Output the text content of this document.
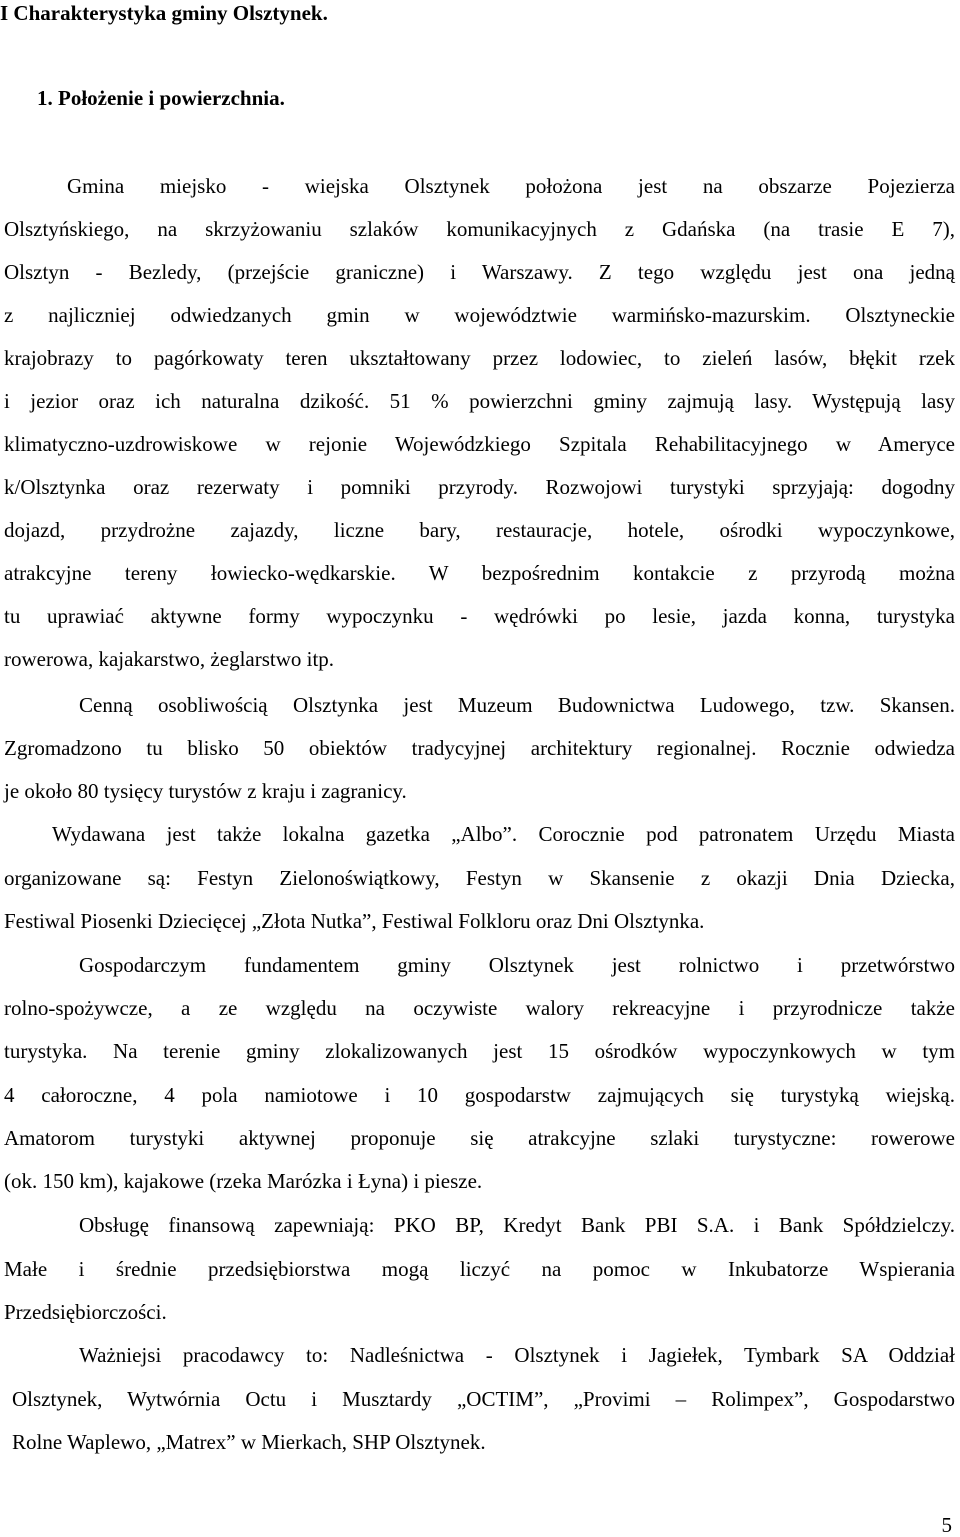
I Charakterystyka gminy Olsztynek.
1. Położenie i powierzchnia.
Gmina miejsko - wiejska Olsztynek położona jest na obszarze Pojezierza
Olsztyńskiego, na skrzyżowaniu szlaków komunikacyjnych z Gdańska (na trasie E 7),
Olsztyn - Bezledy, (przejście graniczne) i Warszawy. Z tego względu jest ona jedną
z najliczniej odwiedzanych gmin w województwie warmińsko-mazurskim. Olsztyneckie
krajobrazy to pagórkowaty teren ukształtowany przez lodowiec, to zieleń lasów, błękit rzek
i jezior oraz ich naturalna dzikość. 51 % powierzchni gminy zajmują lasy. Występują lasy
klimatyczno-uzdrowiskowe w rejonie Wojewódzkiego Szpitala Rehabilitacyjnego w Ameryce
k/Olsztynka oraz rezerwaty i pomniki przyrody. Rozwojowi turystyki sprzyjają: dogodny
dojazd, przydrożne zajazdy, liczne bary, restauracje, hotele, ośrodki wypoczynkowe,
atrakcyjne tereny łowiecko-wędkarskie. W bezpośrednim kontakcie z przyrodą można
tu uprawiać aktywne formy wypoczynku - wędrówki po lesie, jazda konna, turystyka
rowerowa, kajakarstwo, żeglarstwo itp.
Cenną osobliwością Olsztynka jest Muzeum Budownictwa Ludowego, tzw. Skansen.
Zgromadzono tu blisko 50 obiektów tradycyjnej architektury regionalnej. Rocznie odwiedza
je około 80 tysięcy turystów z kraju i zagranicy.
Wydawana jest także lokalna gazetka „Albo”. Corocznie pod patronatem Urzędu Miasta
organizowane są: Festyn Zielonoświątkowy, Festyn w Skansenie z okazji Dnia Dziecka,
Festiwal Piosenki Dziecięcej „Złota Nutka”, Festiwal Folkloru oraz Dni Olsztynka.
Gospodarczym fundamentem gminy Olsztynek jest rolnictwo i przetwórstwo
rolno-spożywcze, a ze względu na oczywiste walory rekreacyjne i przyrodnicze także
turystyka. Na terenie gminy zlokalizowanych jest 15 ośrodków wypoczynkowych w tym
4 całoroczne, 4 pola namiotowe i 10 gospodarstw zajmujących się turystyką wiejską.
Amatorom turystyki aktywnej proponuje się atrakcyjne szlaki turystyczne: rowerowe
(ok. 150 km), kajakowe (rzeka Marózka i Łyna) i piesze.
Obsługę finansową zapewniają: PKO BP, Kredyt Bank PBI S.A. i Bank Spółdzielczy.
Małe i średnie przedsiębiorstwa mogą liczyć na pomoc w Inkubatorze Wspierania
Przedsiębiorczości.
Ważniejsi pracodawcy to: Nadleśnictwa - Olsztynek i Jagiełek, Tymbark SA Oddział
Olsztynek, Wytwórnia Octu i Musztardy „OCTIM”, „Provimi – Rolimpex”, Gospodarstwo
Rolne Waplewo, „Matrex” w Mierkach, SHP Olsztynek.
5
